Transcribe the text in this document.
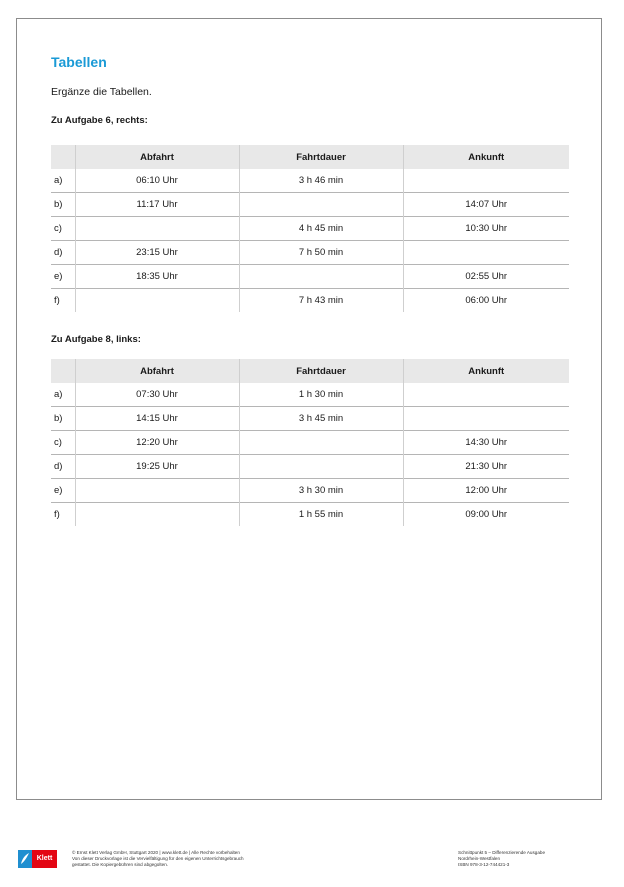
Tabellen

Ergänze die Tabellen.

Zu Aufgabe 6, rechts:

	Abfahrt	Fahrtdauer	Ankunft
a)	06:10 Uhr	3 h 46 min	
b)	11:17 Uhr		14:07 Uhr
c)		4 h 45 min	10:30 Uhr
d)	23:15 Uhr	7 h 50 min	
e)	18:35 Uhr		02:55 Uhr
f)		7 h 43 min	06:00 Uhr

Zu Aufgabe 8, links:

	Abfahrt	Fahrtdauer	Ankunft
a)	07:30 Uhr	1 h 30 min	
b)	14:15 Uhr	3 h 45 min	
c)	12:20 Uhr		14:30 Uhr
d)	19:25 Uhr		21:30 Uhr
e)		3 h 30 min	12:00 Uhr
f)		1 h 55 min	09:00 Uhr
Klett
© Ernst Klett Verlag GmbH, Stuttgart 2020 | www.klett.de | Alle Rechte vorbehalten
Von dieser Druckvorlage ist die Vervielfältigung für den eigenen Unterrichtsgebrauch
gestattet. Die Kopiergebühren sind abgegolten.
Schnittpunkt 5 – Differenzierende Ausgabe
Nordrhein-Westfalen
ISBN 978-3-12-744421-3
